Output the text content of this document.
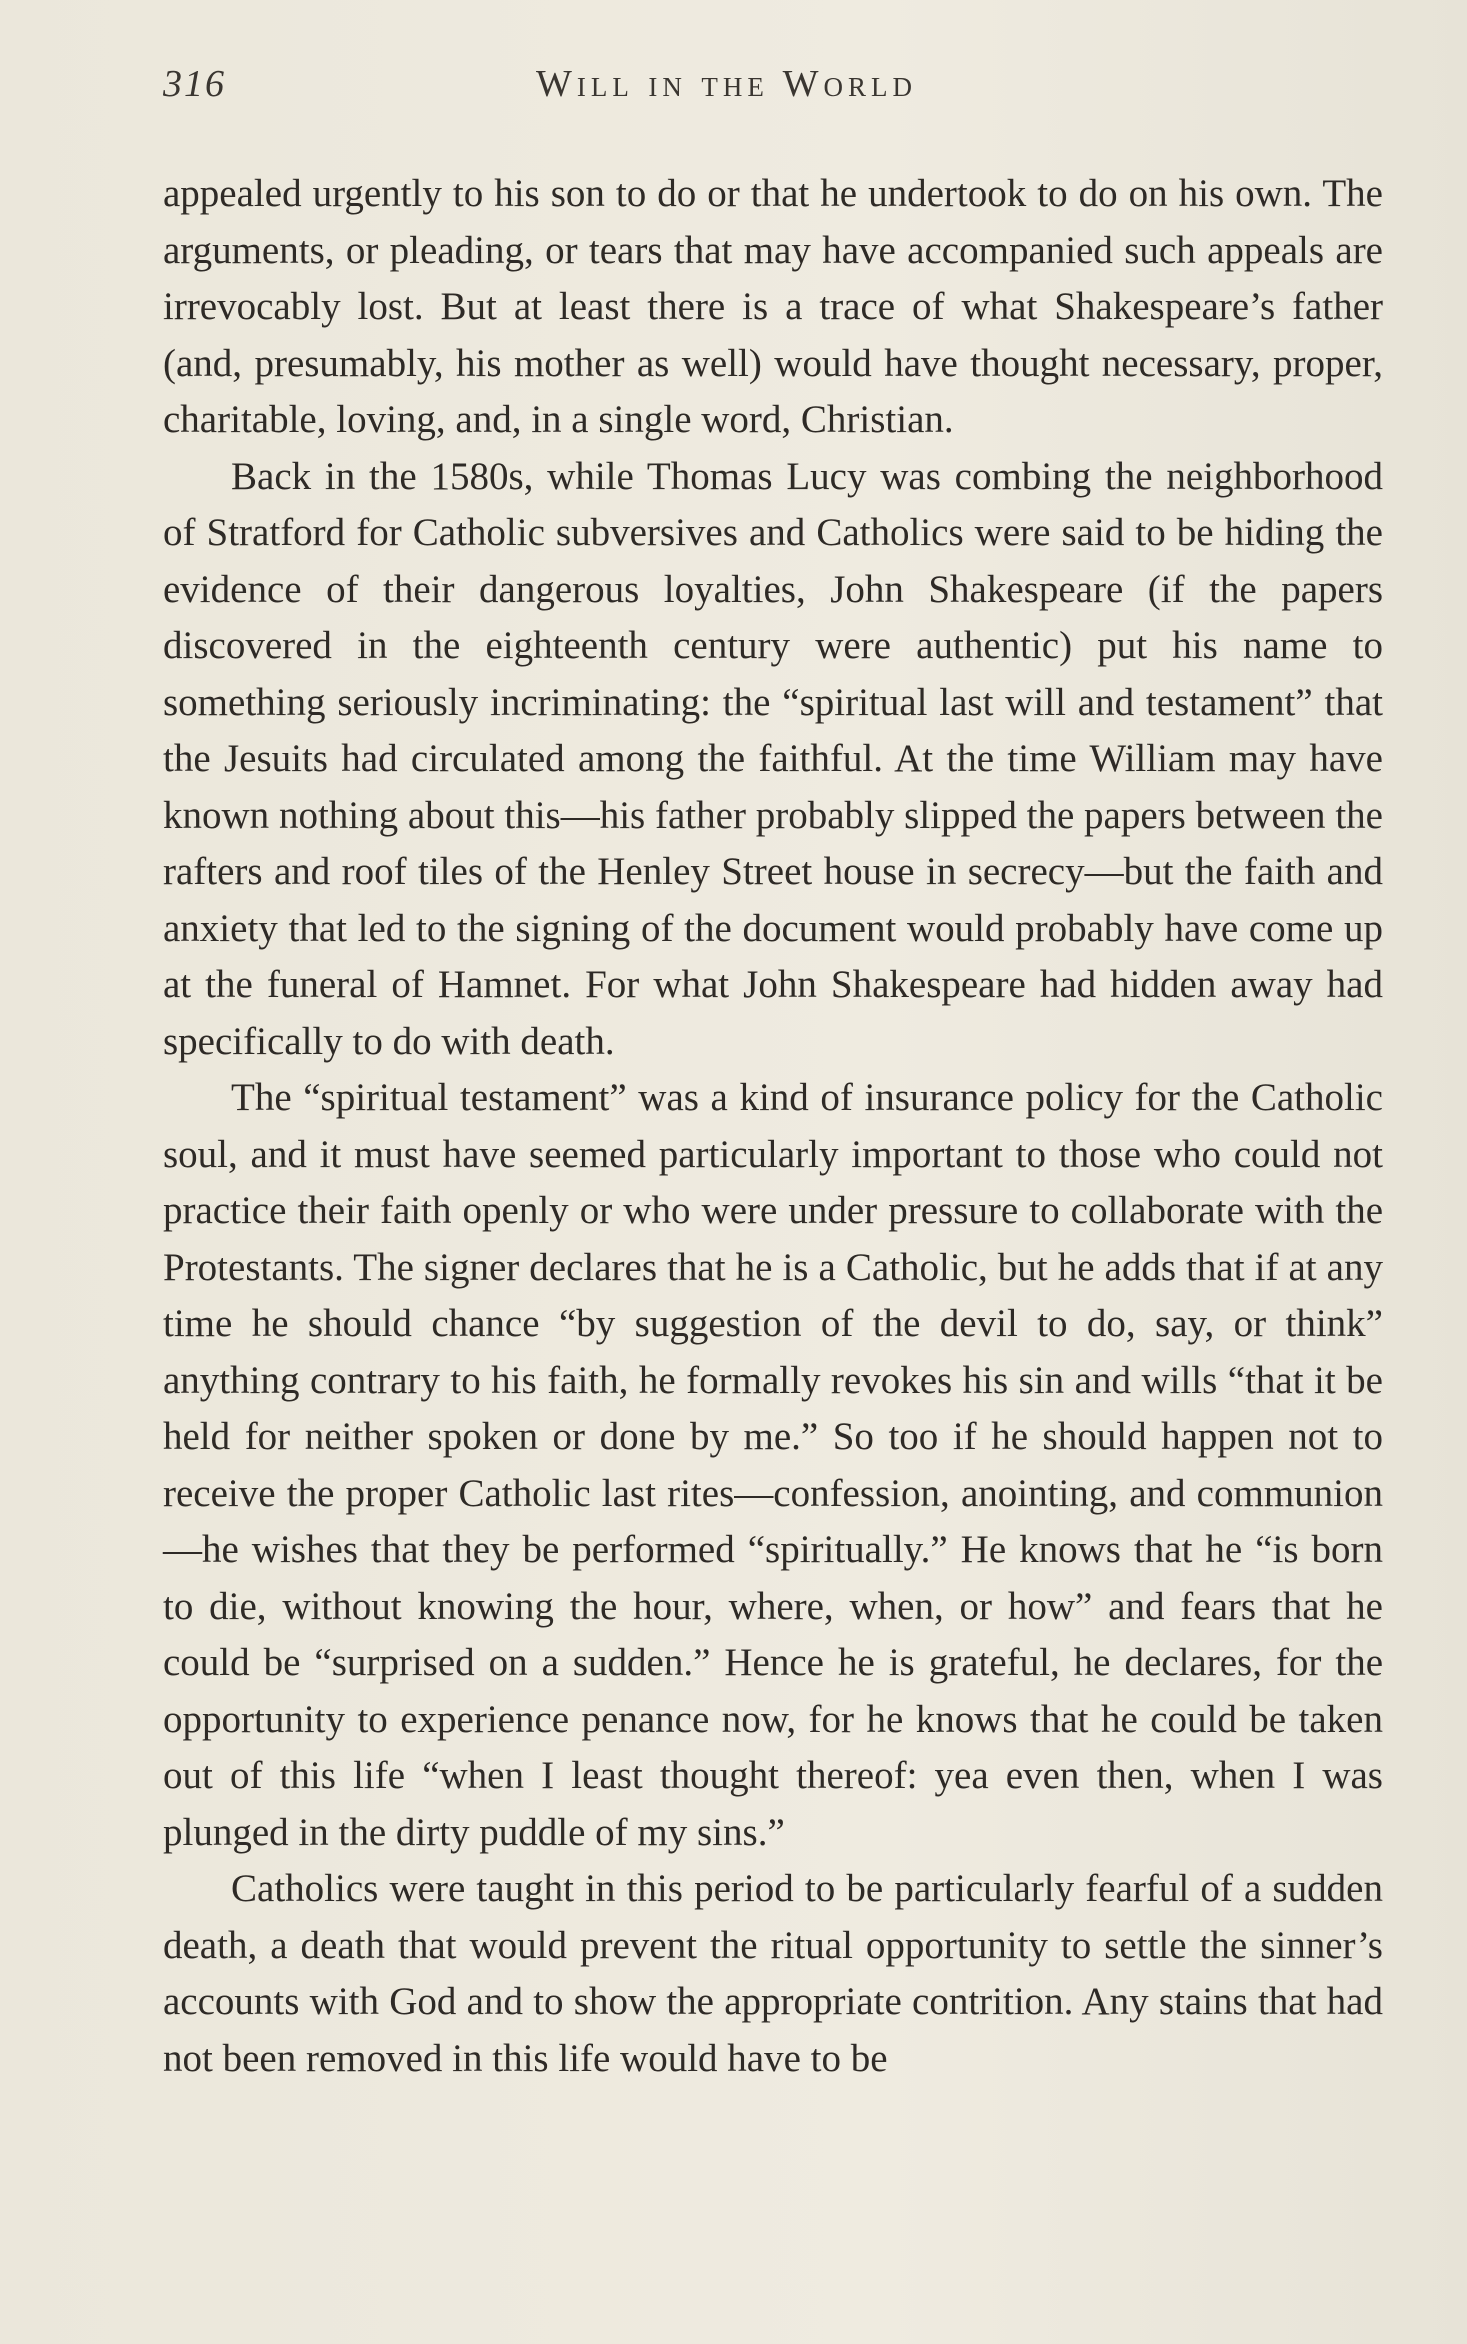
316	Will in the World

appealed urgently to his son to do or that he undertook to do on his own. The arguments, or pleading, or tears that may have accompanied such appeals are irrevocably lost. But at least there is a trace of what Shakespeare’s father (and, presumably, his mother as well) would have thought necessary, proper, charitable, loving, and, in a single word, Christian.

Back in the 1580s, while Thomas Lucy was combing the neighborhood of Stratford for Catholic subversives and Catholics were said to be hiding the evidence of their dangerous loyalties, John Shakespeare (if the papers discovered in the eighteenth century were authentic) put his name to something seriously incriminating: the “spiritual last will and testament” that the Jesuits had circulated among the faithful. At the time William may have known nothing about this—his father probably slipped the papers between the rafters and roof tiles of the Henley Street house in secrecy—but the faith and anxiety that led to the signing of the document would probably have come up at the funeral of Hamnet. For what John Shakespeare had hidden away had specifically to do with death.

The “spiritual testament” was a kind of insurance policy for the Catholic soul, and it must have seemed particularly important to those who could not practice their faith openly or who were under pressure to collaborate with the Protestants. The signer declares that he is a Catholic, but he adds that if at any time he should chance “by suggestion of the devil to do, say, or think” anything contrary to his faith, he formally revokes his sin and wills “that it be held for neither spoken or done by me.” So too if he should happen not to receive the proper Catholic last rites—confession, anointing, and communion—he wishes that they be performed “spiritually.” He knows that he “is born to die, without knowing the hour, where, when, or how” and fears that he could be “surprised on a sudden.” Hence he is grateful, he declares, for the opportunity to experience penance now, for he knows that he could be taken out of this life “when I least thought thereof: yea even then, when I was plunged in the dirty puddle of my sins.”

Catholics were taught in this period to be particularly fearful of a sudden death, a death that would prevent the ritual opportunity to settle the sinner’s accounts with God and to show the appropriate contrition. Any stains that had not been removed in this life would have to be
